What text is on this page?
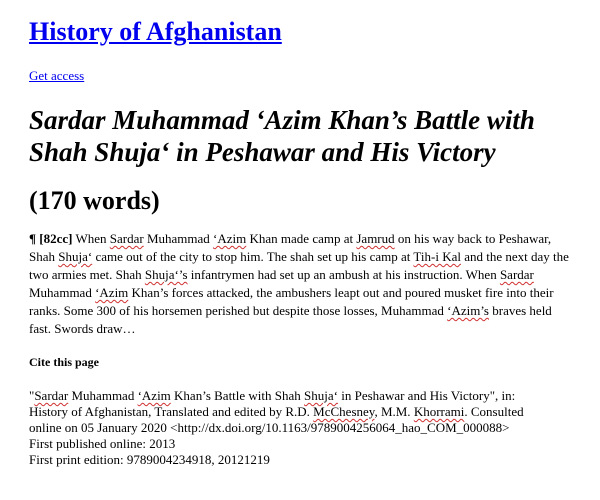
History of Afghanistan
Get access
Sardar Muhammad ʻAzim Khan’s Battle with
Shah Shujaʻ in Peshawar and His Victory
(170 words)

¶ [82cc] When Sardar Muhammad ʻAzim Khan made camp at Jamrud on his way back to Peshawar, Shah Shujaʻ came out of the city to stop him. The shah set up his camp at Tih-i Kal and the next day the two armies met. Shah Shujaʻ’s infantrymen had set up an ambush at his instruction. When Sardar Muhammad ʻAzim Khan’s forces attacked, the ambushers leapt out and poured musket fire into their ranks. Some 300 of his horsemen perished but despite those losses, Muhammad ʻAzim’s braves held fast. Swords draw…

Cite this page
"Sardar Muhammad ʻAzim Khan’s Battle with Shah Shujaʻ in Peshawar and His Victory", in:
History of Afghanistan, Translated and edited by R.D. McChesney, M.M. Khorrami. Consulted
online on 05 January 2020 <http://dx.doi.org/10.1163/9789004256064_hao_COM_000088>
First published online: 2013
First print edition: 9789004234918, 20121219
